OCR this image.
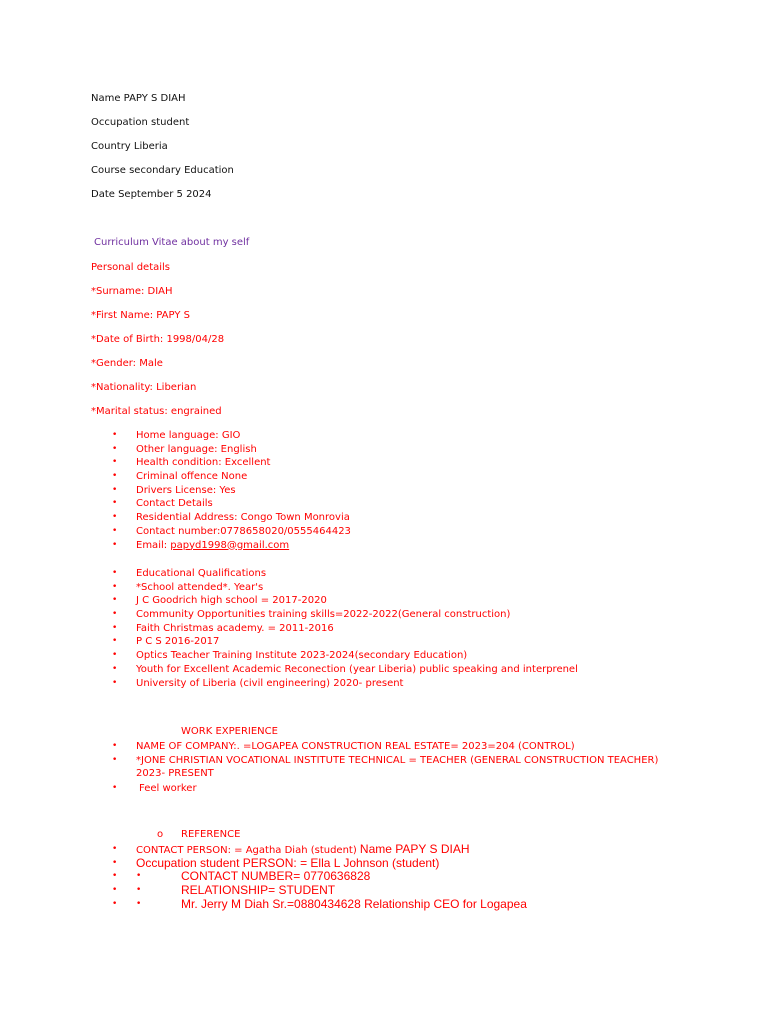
Name PAPY S DIAH
Occupation student
Country Liberia
Course secondary Education
Date September 5 2024
Curriculum Vitae about my self
Personal details
*Surname: DIAH
*First Name: PAPY S
*Date of Birth: 1998/04/28
*Gender: Male
*Nationality: Liberian
*Marital status: engrained
• Home language: GIO
• Other language: English
• Health condition: Excellent
• Criminal offence None
• Drivers License: Yes
• Contact Details
• Residential Address: Congo Town Monrovia
• Contact number:0778658020/0555464423
• Email: papyd1998@gmail.com
• Educational Qualifications
• *School attended*. Year's
• J C Goodrich high school = 2017-2020
• Community Opportunities training skills=2022-2022(General construction)
• Faith Christmas academy. = 2011-2016
• P C S 2016-2017
• Optics Teacher Training Institute 2023-2024(secondary Education)
• Youth for Excellent Academic Reconection (year Liberia) public speaking and interprenel
• University of Liberia (civil engineering) 2020- present
WORK EXPERIENCE
• NAME OF COMPANY:. =LOGAPEA CONSTRUCTION REAL ESTATE= 2023=204 (CONTROL)
• *JONE CHRISTIAN VOCATIONAL INSTITUTE TECHNICAL = TEACHER (GENERAL CONSTRUCTION TEACHER) 2023- PRESENT
• Feel worker
o REFERENCE
• CONTACT PERSON: = Agatha Diah (student) Name PAPY S DIAH
• Occupation student PERSON: = Ella L Johnson (student)
• •	CONTACT NUMBER= 0770636828
• •	RELATIONSHIP= STUDENT
• •	Mr. Jerry M Diah Sr.=0880434628 Relationship CEO for Logapea
